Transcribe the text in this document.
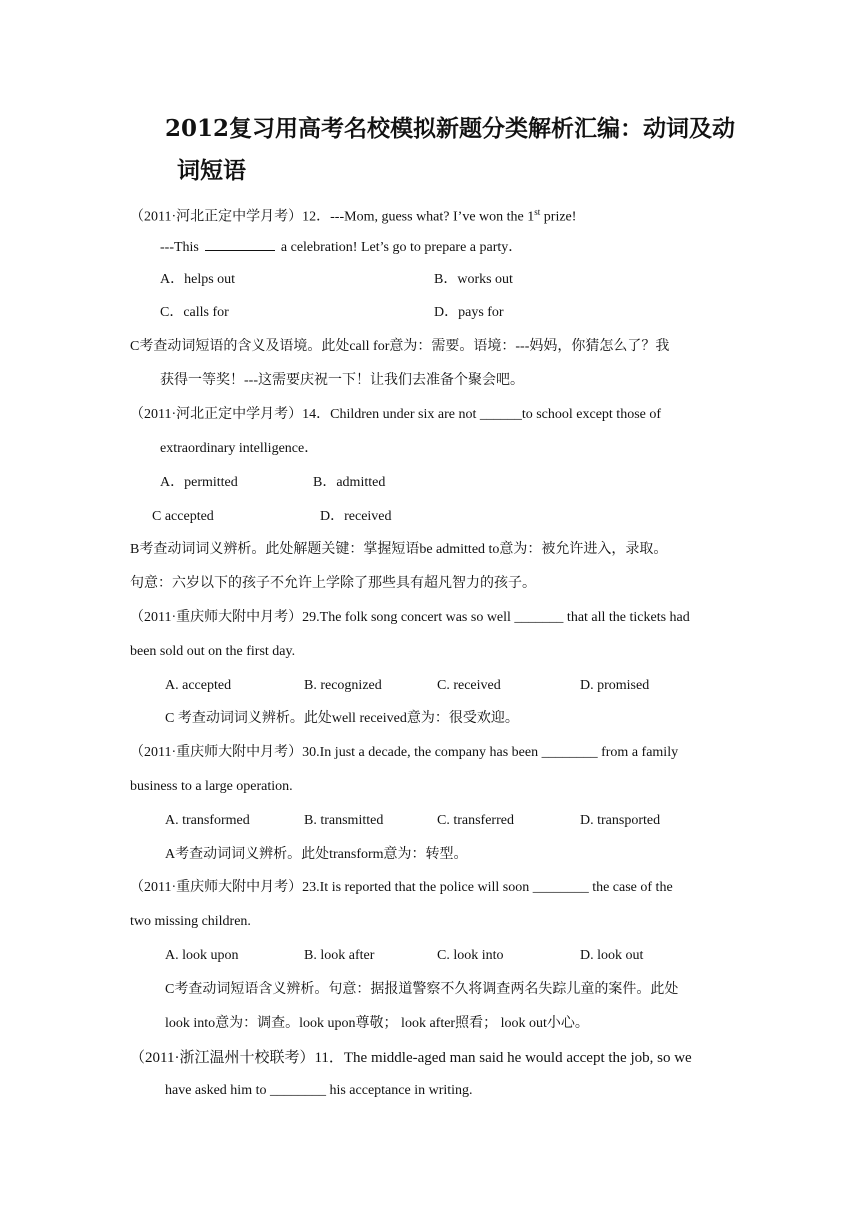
2012复习用高考名校模拟新题分类解析汇编：动词及动
词短语
（2011·河北正定中学月考）12．---Mom, guess what? I’ve won the 1st prize!
---This	a celebration! Let’s go to prepare a party．
A．helps out	B．works out
C．calls for	D．pays for
C考查动词短语的含义及语境。此处call for意为：需要。语境：---妈妈，你猜怎么了？我
获得一等奖！---这需要庆祝一下！让我们去准备个聚会吧。
（2011·河北正定中学月考）14．Children under six are not ______to school except those of
extraordinary intelligence．
A．permitted	B．admitted
C accepted	D．received
B考查动词词义辨析。此处解题关键：掌握短语be admitted to意为：被允许进入，录取。
句意：六岁以下的孩子不允许上学除了那些具有超凡智力的孩子。
（2011·重庆师大附中月考）29.The folk song concert was so well _______ that all the tickets had
been sold out on the first day.
A. accepted	B. recognized	C. received	D. promised
C 考查动词词义辨析。此处well received意为：很受欢迎。
（2011·重庆师大附中月考）30.In just a decade, the company has been ________ from a family
business to a large operation.
A. transformed	B. transmitted	C. transferred	D. transported
A考查动词词义辨析。此处transform意为：转型。
（2011·重庆师大附中月考）23.It is reported that the police will soon ________ the case of the
two missing children.
A. look upon	B. look after	C. look into	D. look out
C考查动词短语含义辨析。句意：据报道警察不久将调查两名失踪儿童的案件。此处
look into意为：调查。look upon尊敬； look after照看； look out小心。
（2011·浙江温州十校联考）11．The middle-aged man said he would accept the job, so we
have asked him to ________ his acceptance in writing.
